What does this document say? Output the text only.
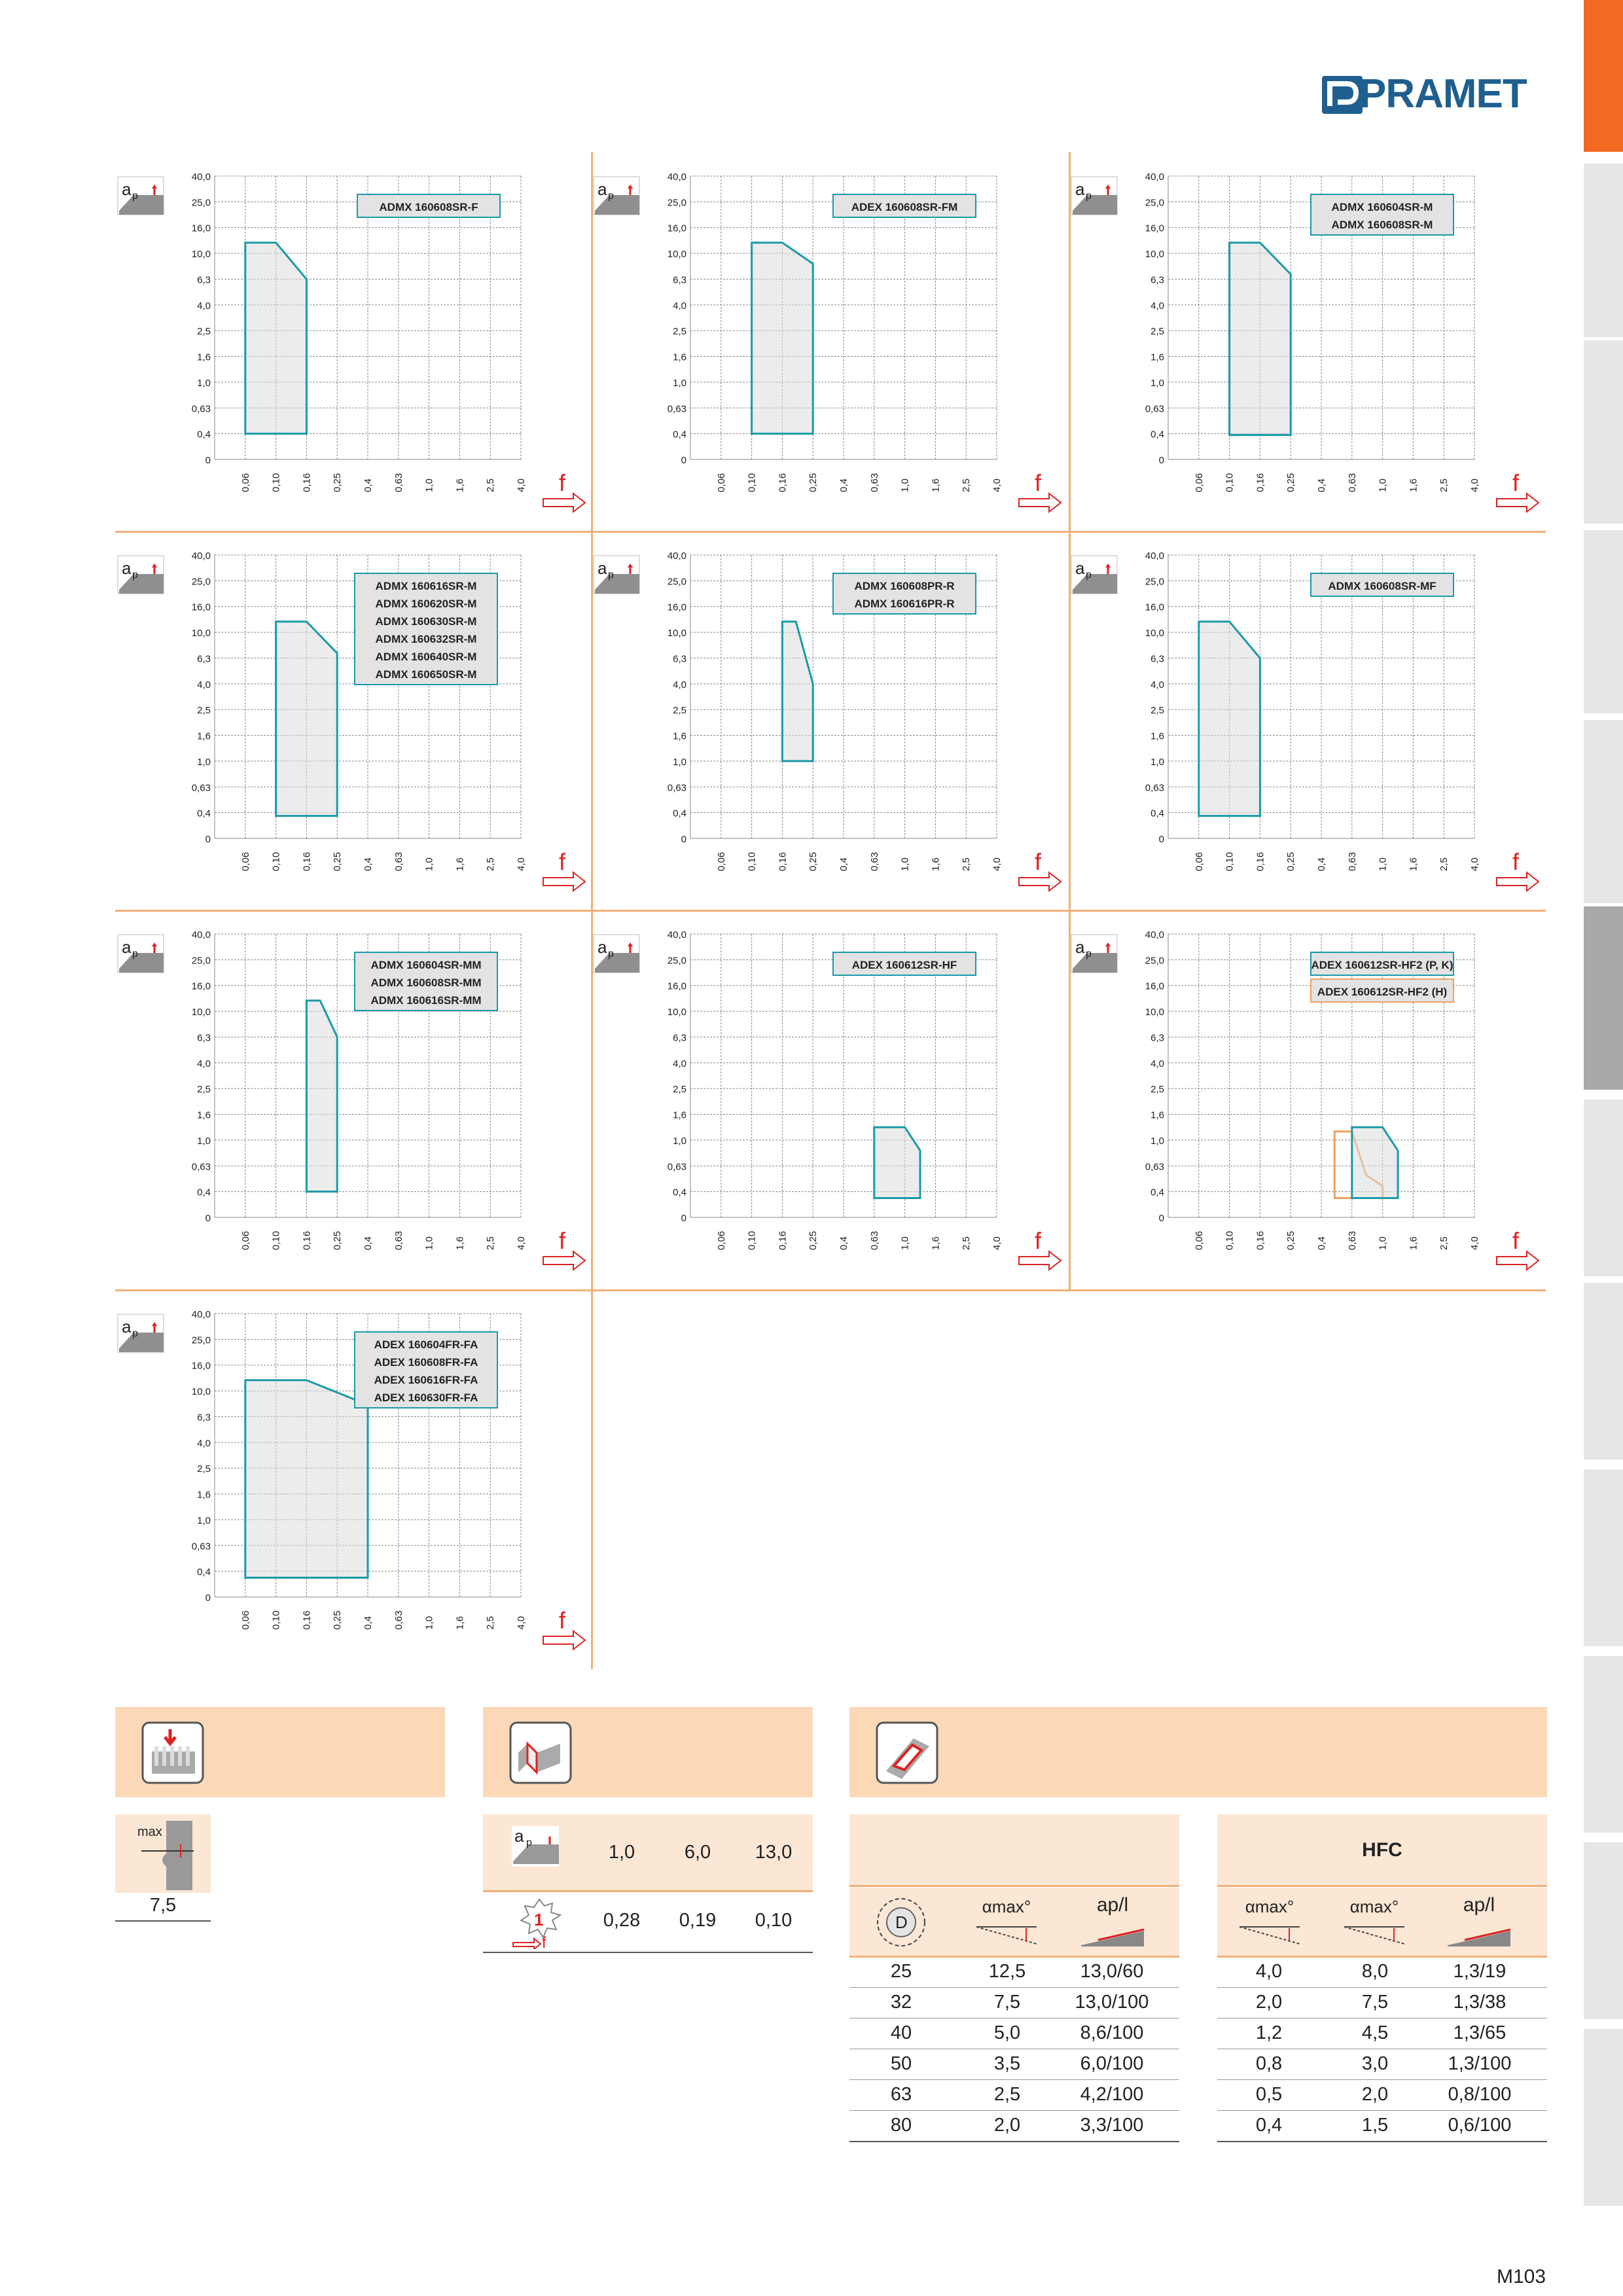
PRAMET
a p
40,0
25,0
16,0
10,0
6,3
4,0
2,5
1,6
1,0
0,63
0,4
0
0,06 0,10 0,16 0,25 0,4 0,63 1,0 1,6 2,5 4,0 f
ADMX 160608SR-F
a p
40,0
25,0
16,0
10,0
6,3
4,0
2,5
1,6
1,0
0,63
0,4
0
0,06 0,10 0,16 0,25 0,4 0,63 1,0 1,6 2,5 4,0 f
ADEX 160608SR-FM
a p
40,0
25,0
16,0
10,0
6,3
4,0
2,5
1,6
1,0
0,63
0,4
0
0,06 0,10 0,16 0,25 0,4 0,63 1,0 1,6 2,5 4,0 f
ADMX 160604SR-M
ADMX 160608SR-M
a p
40,0
25,0
16,0
10,0
6,3
4,0
2,5
1,6
1,0
0,63
0,4
0
0,06 0,10 0,16 0,25 0,4 0,63 1,0 1,6 2,5 4,0 f
ADMX 160616SR-M
ADMX 160620SR-M
ADMX 160630SR-M
ADMX 160632SR-M
ADMX 160640SR-M
ADMX 160650SR-M
a p
40,0
25,0
16,0
10,0
6,3
4,0
2,5
1,6
1,0
0,63
0,4
0
0,06 0,10 0,16 0,25 0,4 0,63 1,0 1,6 2,5 4,0 f
ADMX 160608PR-R
ADMX 160616PR-R
a p
40,0
25,0
16,0
10,0
6,3
4,0
2,5
1,6
1,0
0,63
0,4
0
0,06 0,10 0,16 0,25 0,4 0,63 1,0 1,6 2,5 4,0 f
ADMX 160608SR-MF
a p
40,0
25,0
16,0
10,0
6,3
4,0
2,5
1,6
1,0
0,63
0,4
0
0,06 0,10 0,16 0,25 0,4 0,63 1,0 1,6 2,5 4,0 f
ADMX 160604SR-MM
ADMX 160608SR-MM
ADMX 160616SR-MM
a p
40,0
25,0
16,0
10,0
6,3
4,0
2,5
1,6
1,0
0,63
0,4
0
0,06 0,10 0,16 0,25 0,4 0,63 1,0 1,6 2,5 4,0 f
ADEX 160612SR-HF
a p
40,0
25,0
16,0
10,0
6,3
4,0
2,5
1,6
1,0
0,63
0,4
0
0,06 0,10 0,16 0,25 0,4 0,63 1,0 1,6 2,5 4,0 f
ADEX 160612SR-HF2 (P, K)
ADEX 160612SR-HF2 (H)
a p
40,0
25,0
16,0
10,0
6,3
4,0
2,5
1,6
1,0
0,63
0,4
0
0,06 0,10 0,16 0,25 0,4 0,63 1,0 1,6 2,5 4,0 f
ADEX 160604FR-FA
ADEX 160608FR-FA
ADEX 160616FR-FA
ADEX 160630FR-FA
max
7,5
a p	1,0	6,0	13,0
1
f
0,28	0,19	0,10	D
αmax°	ap/l
25	12,5	13,0/60
32	7,5	13,0/100
40	5,0	8,6/100
50	3,5	6,0/100
63	2,5	4,2/100
80	2,0	3,3/100
HFC
αmax°	αmax°	ap/l
4,0	8,0	1,3/19
2,0	7,5	1,3/38
1,2	4,5	1,3/65
0,8	3,0	1,3/100
0,5	2,0	0,8/100
0,4	1,5	0,6/100
M103
